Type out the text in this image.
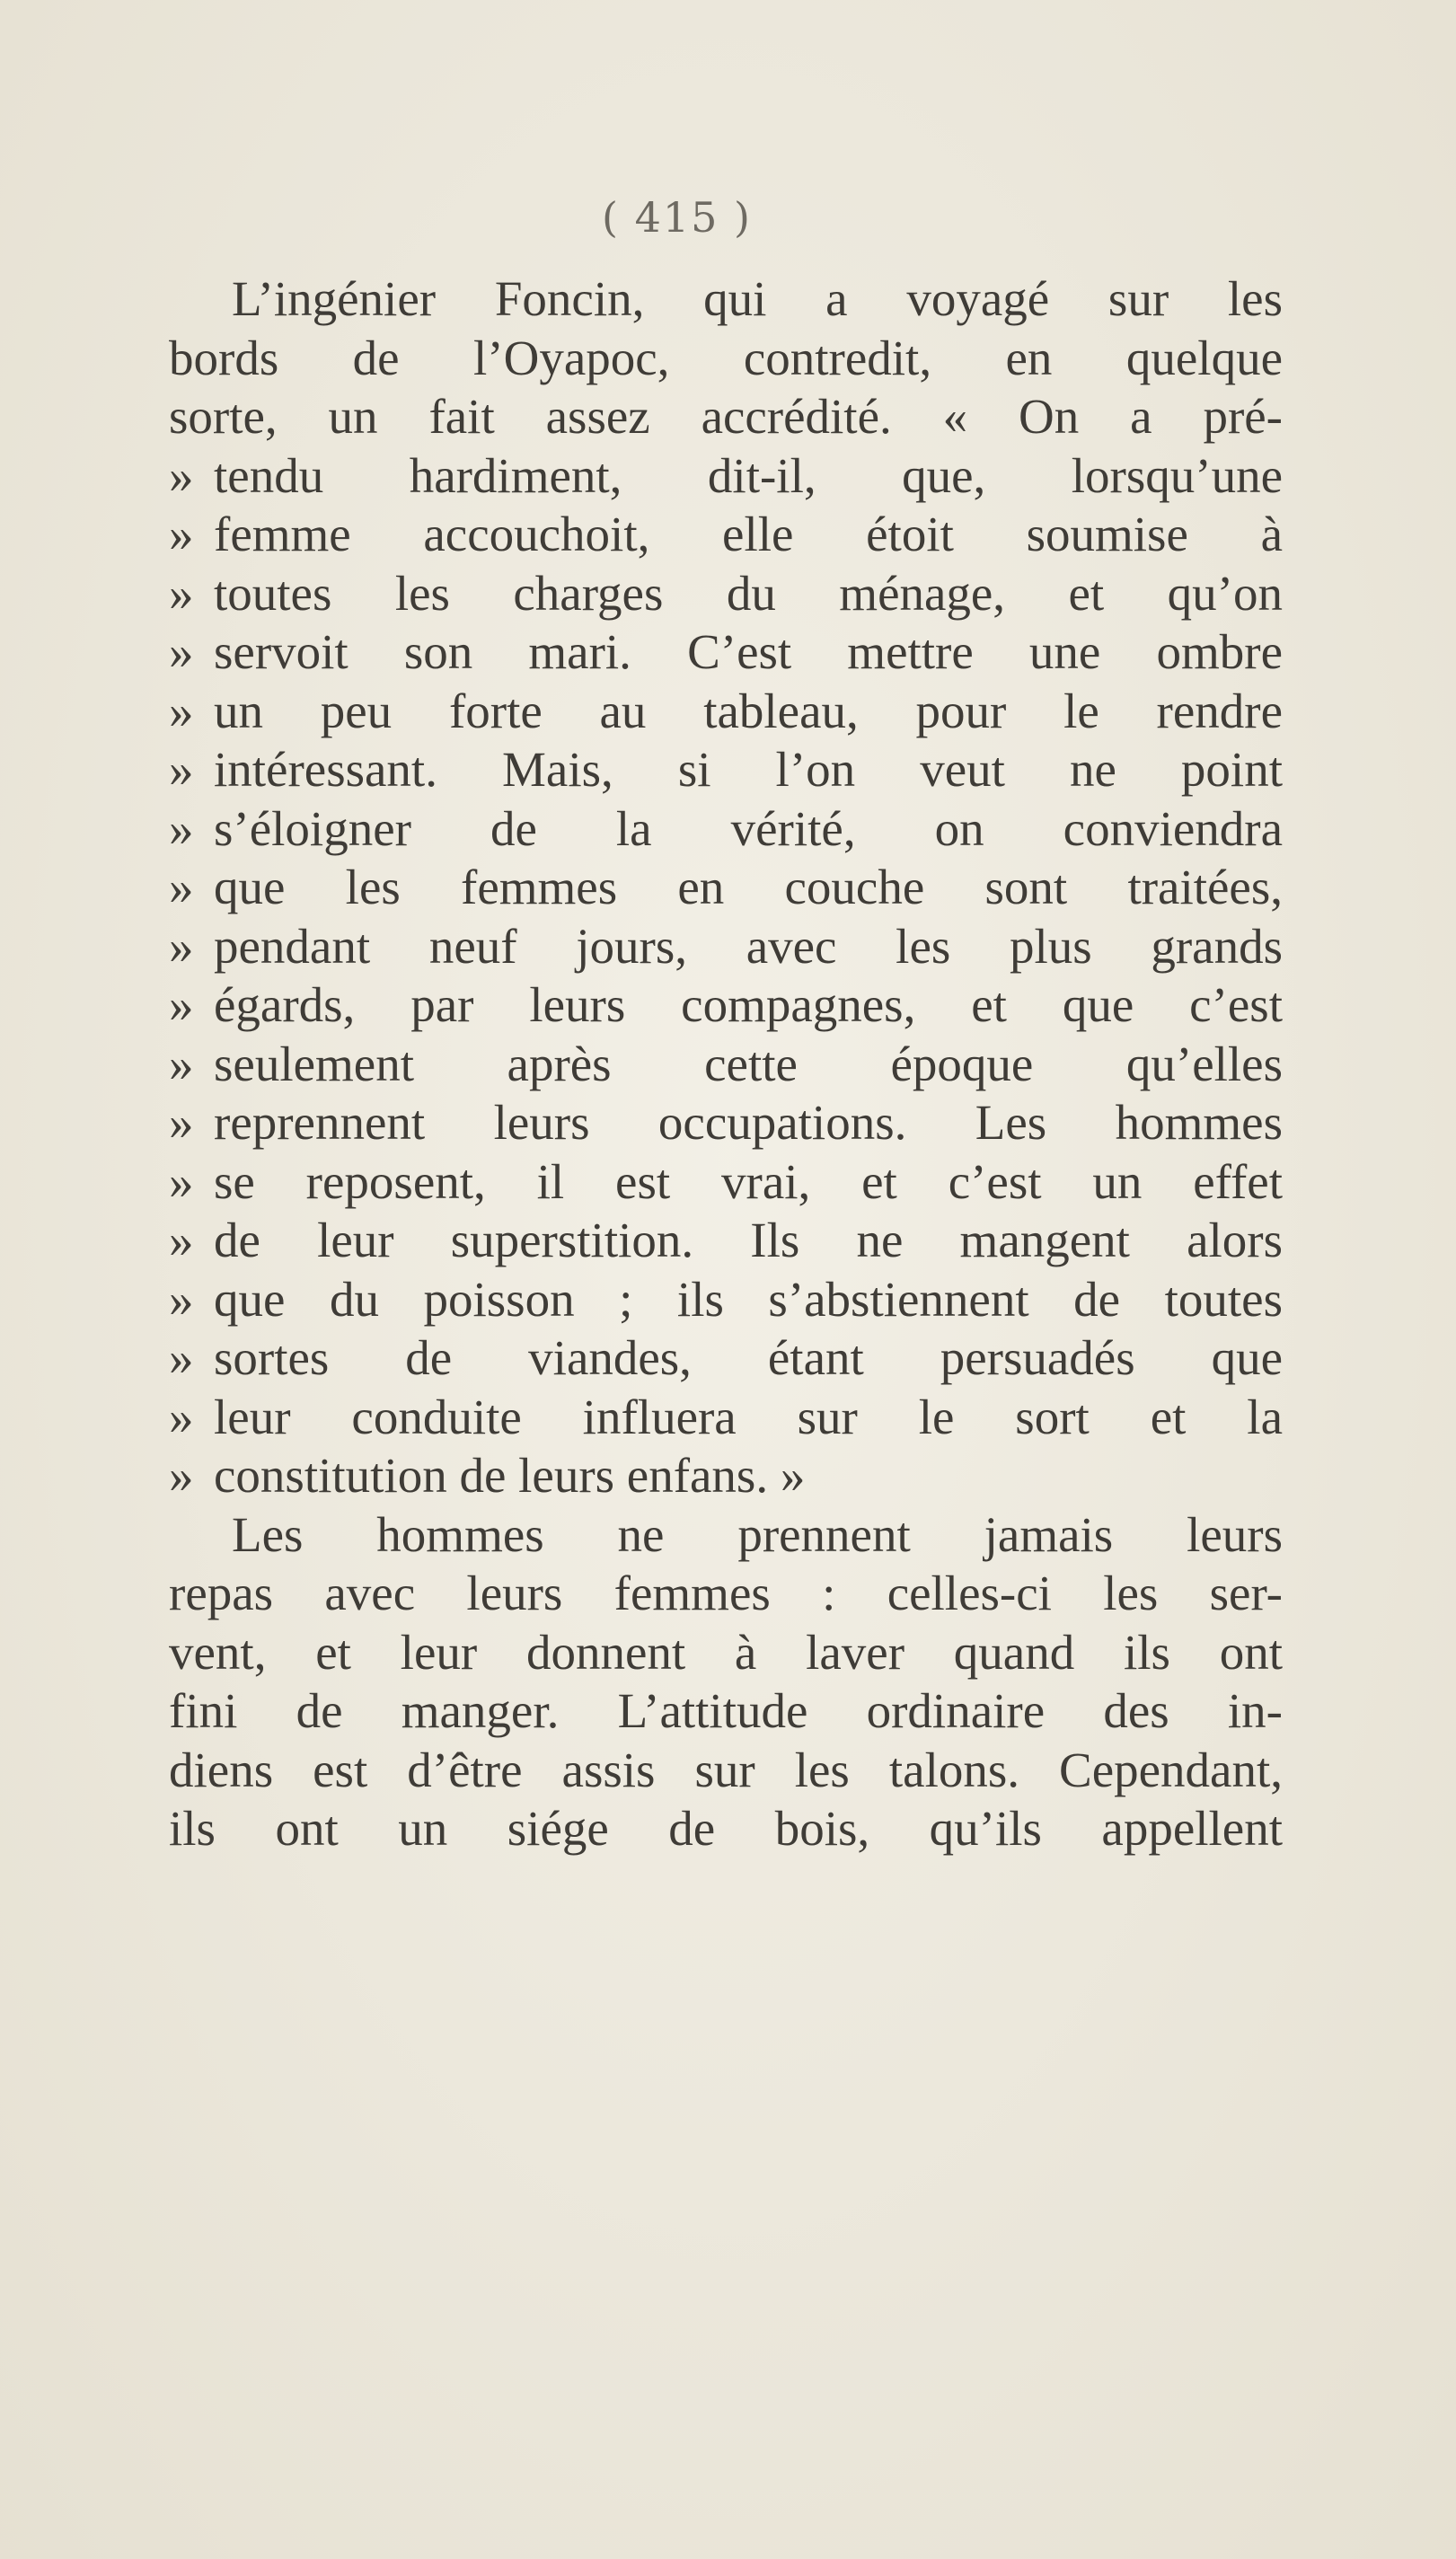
( 415 )
L’ingénier Foncin, qui a voyagé sur les
bords de l’Oyapoc, contredit, en quelque
sorte, un fait assez accrédité. « On a pré-
» tendu hardiment, dit-il, que, lorsqu’une
» femme accouchoit, elle étoit soumise à
» toutes les charges du ménage, et qu’on
» servoit son mari. C’est mettre une ombre
» un peu forte au tableau, pour le rendre
» intéressant. Mais, si l’on veut ne point
» s’éloigner de la vérité, on conviendra
» que les femmes en couche sont traitées,
» pendant neuf jours, avec les plus grands
» égards, par leurs compagnes, et que c’est
» seulement après cette époque qu’elles
» reprennent leurs occupations. Les hommes
» se reposent, il est vrai, et c’est un effet
» de leur superstition. Ils ne mangent alors
» que du poisson ; ils s’abstiennent de toutes
» sortes de viandes, étant persuadés que
» leur conduite influera sur le sort et la
» constitution de leurs enfans. »
Les hommes ne prennent jamais leurs
repas avec leurs femmes : celles-ci les ser-
vent, et leur donnent à laver quand ils ont
fini de manger. L’attitude ordinaire des in-
diens est d’être assis sur les talons. Cependant,
ils ont un siége de bois, qu’ils appellent
